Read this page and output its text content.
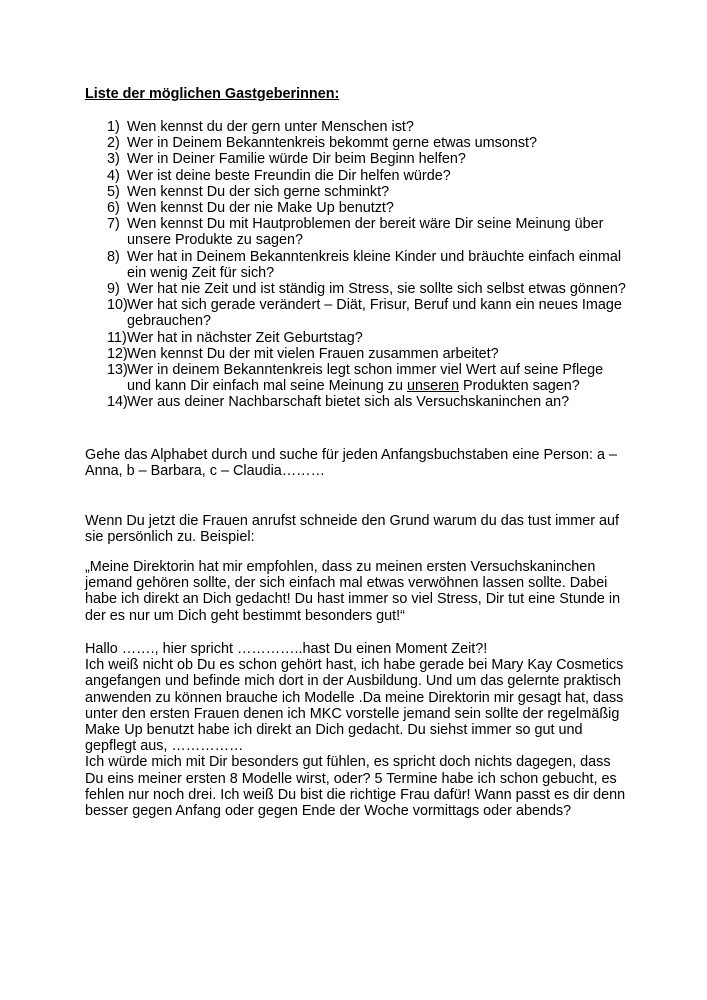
Liste der möglichen Gastgeberinnen:
1) Wen kennst du der gern unter Menschen ist?
2) Wer in Deinem Bekanntenkreis bekommt gerne etwas umsonst?
3) Wer in Deiner Familie würde Dir beim Beginn helfen?
4) Wer ist deine beste Freundin die Dir helfen würde?
5) Wen kennst Du der sich gerne schminkt?
6) Wen kennst Du der nie Make Up benutzt?
7) Wen kennst Du mit Hautproblemen der bereit wäre Dir seine Meinung über
unsere Produkte zu sagen?
8) Wer hat in Deinem Bekanntenkreis kleine Kinder und bräuchte einfach einmal
ein wenig Zeit für sich?
9) Wer hat nie Zeit und ist ständig im Stress, sie sollte sich selbst etwas gönnen?
10) Wer hat sich gerade verändert – Diät, Frisur, Beruf und kann ein neues Image
gebrauchen?
11) Wer hat in nächster Zeit Geburtstag?
12) Wen kennst Du der mit vielen Frauen zusammen arbeitet?
13) Wer in deinem Bekanntenkreis legt schon immer viel Wert auf seine Pflege
und kann Dir einfach mal seine Meinung zu unseren Produkten sagen?
14) Wer aus deiner Nachbarschaft bietet sich als Versuchskaninchen an?

Gehe das Alphabet durch und suche für jeden Anfangsbuchstaben eine Person: a –
Anna, b – Barbara, c – Claudia………

Wenn Du jetzt die Frauen anrufst schneide den Grund warum du das tust immer auf
sie persönlich zu. Beispiel:

„Meine Direktorin hat mir empfohlen, dass zu meinen ersten Versuchskaninchen
jemand gehören sollte, der sich einfach mal etwas verwöhnen lassen sollte. Dabei
habe ich direkt an Dich gedacht! Du hast immer so viel Stress, Dir tut eine Stunde in
der es nur um Dich geht bestimmt besonders gut!“

Hallo ……., hier spricht …………..hast Du einen Moment Zeit?!
Ich weiß nicht ob Du es schon gehört hast, ich habe gerade bei Mary Kay Cosmetics
angefangen und befinde mich dort in der Ausbildung. Und um das gelernte praktisch
anwenden zu können brauche ich Modelle .Da meine Direktorin mir gesagt hat, dass
unter den ersten Frauen denen ich MKC vorstelle jemand sein sollte der regelmäßig
Make Up benutzt habe ich direkt an Dich gedacht. Du siehst immer so gut und
gepflegt aus, ……………
Ich würde mich mit Dir besonders gut fühlen, es spricht doch nichts dagegen, dass
Du eins meiner ersten 8 Modelle wirst, oder? 5 Termine habe ich schon gebucht, es
fehlen nur noch drei. Ich weiß Du bist die richtige Frau dafür! Wann passt es dir denn
besser gegen Anfang oder gegen Ende der Woche vormittags oder abends?
